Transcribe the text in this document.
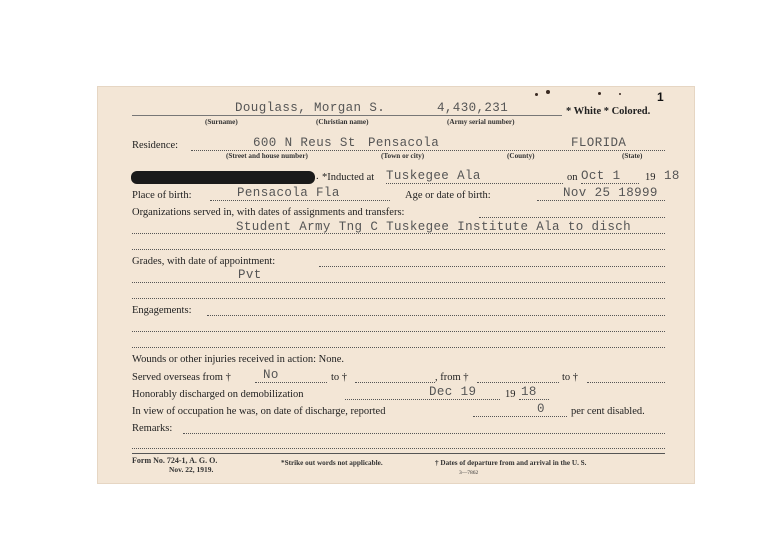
1
Douglass, Morgan S.	4,430,231	* White * Colored.
(Surname)	(Christian name)	(Army serial number)
Residence:	600 N Reus St Pensacola	FLORIDA
(Street and house number)	(Town or city)	(County)	(State)
. *Inducted at Tuskegee Ala	on Oct 1 19 18
Place of birth:	Pensacola Fla	Age or date of birth:	Nov 25 18999
Organizations served in, with dates of assignments and transfers:
Student Army Tng C Tuskegee Institute Ala to disch
Grades, with date of appointment:
Pvt
Engagements:
Wounds or other injuries received in action: None.
Served overseas from †	No	to †	, from †	to †
Honorably discharged on demobilization	Dec 19	19 18
In view of occupation he was, on date of discharge, reported	0 per cent disabled.
Remarks:
Form No. 724-1, A. G. O.
Nov. 22, 1919.
*Strike out words not applicable.	† Dates of departure from and arrival in the U. S.
3—7862
